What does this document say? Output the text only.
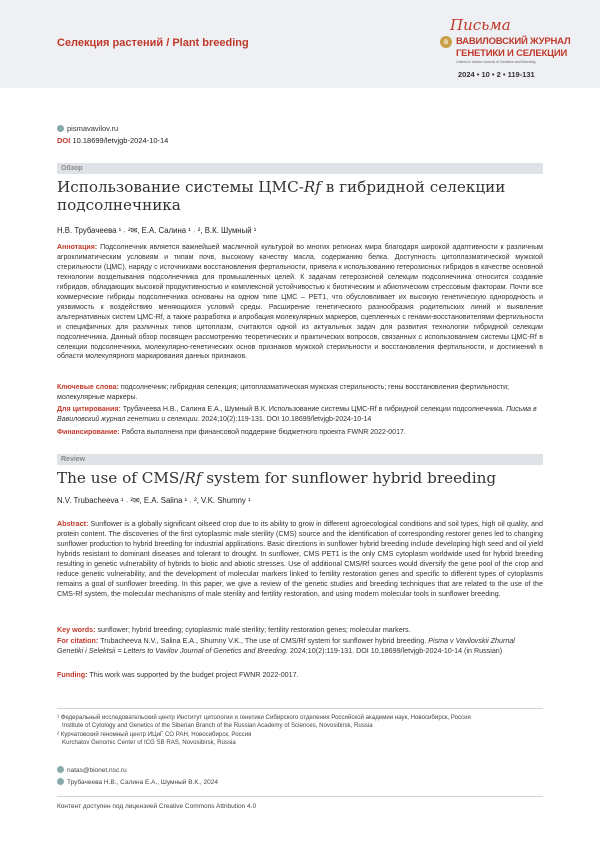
Селекция растений / Plant breeding
Письма
в ВАВИЛОВСКИЙ ЖУРНАЛ
ГЕНЕТИКИ И СЕЛЕКЦИИ
Letters to Vavilov Journal of Genetics and Breeding
2024 • 10 • 2 • 119-131
pismavavilov.ru
DOI 10.18699/letvjgb-2024-10-14
Обзор
Использование системы ЦМС-Rf в гибридной селекции подсолнечника
Н.В. Трубачеева ¹ ˒ ²✉, Е.А. Салина ¹ ˒ ², В.К. Шумный ¹
Аннотация: Подсолнечник является важнейшей масличной культурой во многих регионах мира благодаря широкой адаптивности к различным агроклиматическим условиям и типам почв, высокому качеству масла, содержанию белка. Доступность цитоплазматической мужской стерильности (ЦМС), наряду с источниками восстановления фертильности, привела к использованию гетерозисных гибридов в качестве основной технологии возделывания подсолнечника для промышленных целей. К задачам гетерозисной селекции подсолнечника относится создание гибридов, обладающих высокой продуктивностью и комплексной устойчивостью к биотическим и абиотическим стрессовым факторам. Почти все коммерческие гибриды подсолнечника основаны на одном типе ЦМС – PET1, что обусловливает их высокую генетическую однородность и уязвимость к воздействию меняющихся условий среды. Расширение генетического разнообразия родительских линий и выявление альтернативных систем ЦМС-Rf, а также разработка и апробация молекулярных маркеров, сцепленных с генами-восстановителями фертильности и специфичных для различных типов цитоплазм, считаются одной из актуальных задач для развития технологии гибридной селекции подсолнечника. Данный обзор посвящен рассмотрению теоретических и практических вопросов, связанных с использованием системы ЦМС-Rf в селекции подсолнечника, молекулярно-генетических основ признаков мужской стерильности и восстановления фертильности, и достижений в области молекулярного маркирования данных признаков.
Ключевые слова: подсолнечник; гибридная селекция; цитоплазматическая мужская стерильность; гены восстановления фертильности; молекулярные маркеры.
Для цитирования: Трубачеева Н.В., Салина Е.А., Шумный В.К. Использование системы ЦМС-Rf в гибридной селекции подсолнечника. Письма в Вавиловский журнал генетики и селекции. 2024;10(2):119-131. DOI 10.18699/letvjgb-2024-10-14
Финансирование: Работа выполнена при финансовой поддержке бюджетного проекта FWNR 2022-0017.
Review
The use of CMS/Rf system for sunflower hybrid breeding
N.V. Trubacheeva ¹ ˒ ²✉, E.A. Salina ¹ ˒ ², V.K. Shumny ¹
Abstract: Sunflower is a globally significant oilseed crop due to its ability to grow in different agroecological conditions and soil types, high oil quality, and protein content. The discoveries of the first cytoplasmic male sterility (CMS) source and the identification of corresponding restorer genes led to changing sunflower production to hybrid breeding for industrial applications. Basic directions in sunflower hybrid breeding include developing high seed and oil yield hybrids resistant to dominant diseases and tolerant to drought. In sunflower, CMS PET1 is the only CMS cytoplasm worldwide used for hybrid breeding resulting in genetic vulnerability of hybrids to biotic and abiotic stresses. Use of additional CMS/Rf sources would diversify the gene pool of the crop and reduce genetic vulnerability, and the development of molecular markers linked to fertility restoration genes and specific to different types of cytoplasms remains a goal of sunflower breeding. In this paper, we give a review of the genetic studies and breeding techniques that are related to the use of the CMS-Rf system, the molecular mechanisms of male sterility and fertility restoration, and using modern molecular tools in sunflower breeding.
Key words: sunflower; hybrid breeding; cytoplasmic male sterility; fertility restoration genes; molecular markers.
For citation: Trubacheeva N.V., Salina E.A., Shumny V.K., The use of CMS/Rf system for sunflower hybrid breeding. Pisma v Vavilovskii Zhurnal Genetiki i Selektsii = Letters to Vavilov Journal of Genetics and Breeding. 2024;10(2):119-131. DOI 10.18699/letvjgb-2024-10-14 (in Russian)
Funding: This work was supported by the budget project FWNR 2022-0017.
¹ Федеральный исследовательский центр Институт цитологии и генетики Сибирского отделения Российской академии наук, Новосибирск, Россия
Institute of Cytology and Genetics of the Siberian Branch of the Russian Academy of Sciences, Novosibirsk, Russia
² Курчатовский геномный центр ИЦиГ СО РАН, Новосибирск, Россия
Kurchatov Genomic Center of ICG SB RAS, Novosibirsk, Russia
natas@bionet.nsc.ru
Трубачеева Н.В., Салина Е.А., Шумный В.К., 2024
Контент доступен под лицензией Creative Commons Attribution 4.0
